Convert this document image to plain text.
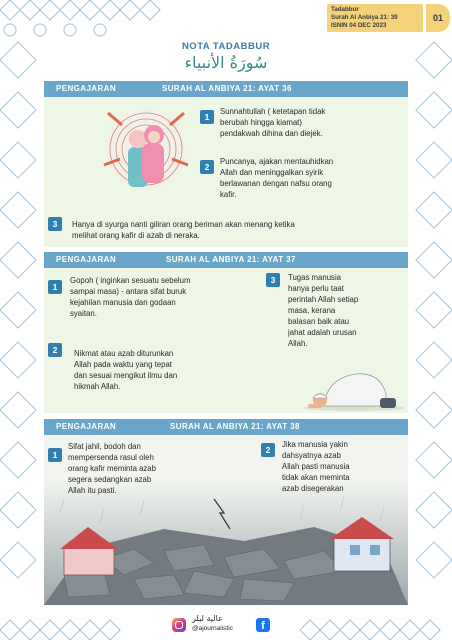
Tadabbur
Surah Al Anbiya 21: 39
ISNIN 04 DEC 2023
01
NOTA TADABBUR
سُورَةُ الأنبياء
PENGAJARAN	SURAH AL ANBIYA 21: AYAT 36
1
Sunnahtullah ( ketetapan tidak
berubah hingga kiamat)
pendakwah dihina dan diejek.
2
Puncanya, ajakan mentauhidkan
Allah dan meninggalkan syirik
berlawanan dengan nafsu orang
kafir.
3	Hanya di syurga nanti giliran orang beriman akan menang ketika
melihat orang kafir di azab di neraka.
PENGAJARAN	SURAH AL ANBIYA 21: AYAT 37
1
Gopoh ( inginkan sesuatu sebelum
sampai masa) - antara sifat buruk
kejahilan manusia dan godaan
syaitan.
2	Nikmat atau azab diturunkan
Allah pada waktu yang tepat
dan sesuai mengikut ilmu dan
hikmah Allah.
3	Tugas manusia
hanya perlu taat
perintah Allah setiap
masa, kerana
balasan baik atau
jahat adalah urusan
Allah.
PENGAJARAN	SURAH AL ANBIYA 21: AYAT 38
1
Sifat jahil, bodoh dan
mempersenda rasul oleh
orang kafir meminta azab
segera sedangkan azab
Allah itu pasti.
2
Jika manusia yakin
dahsyatnya azab
Allah pasti manusia
tidak akan meminta
azab disegerakan
عالية ليلر
@ajournalistic	f
